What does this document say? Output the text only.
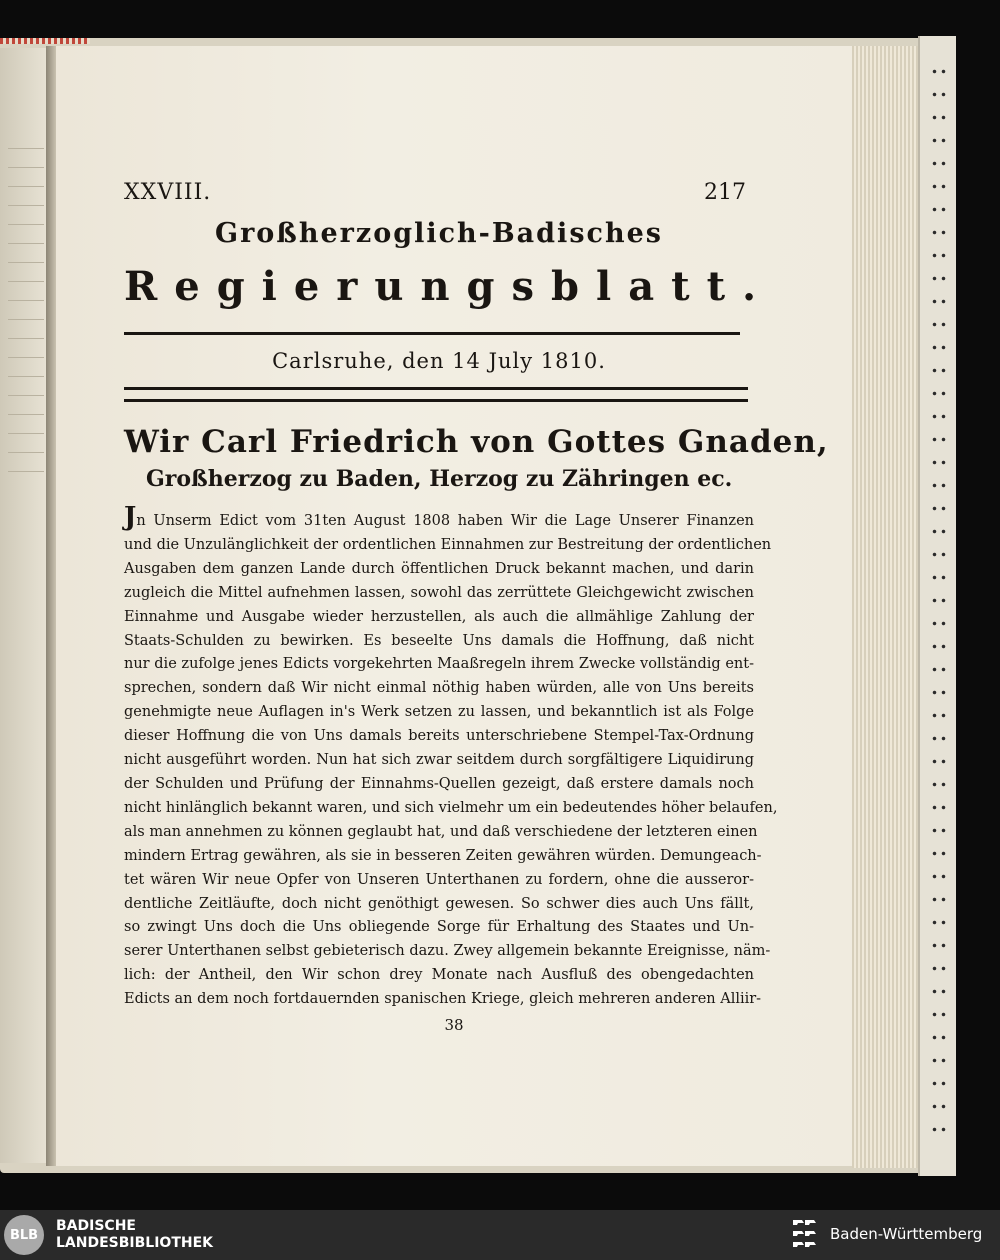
XXVIII.	217
Großherzoglich-Badisches
Regierungsblatt.
Carlsruhe, den 14 July 1810.
Wir Carl Friedrich von Gottes Gnaden,
Großherzog zu Baden, Herzog zu Zähringen ec.
Jn Unserm Edict vom 31ten August 1808 haben Wir die Lage Unserer Finanzen
und die Unzulänglichkeit der ordentlichen Einnahmen zur Bestreitung der ordentlichen
Ausgaben dem ganzen Lande durch öffentlichen Druck bekannt machen, und darin
zugleich die Mittel aufnehmen lassen, sowohl das zerrüttete Gleichgewicht zwischen
Einnahme und Ausgabe wieder herzustellen, als auch die allmählige Zahlung der
Staats-Schulden zu bewirken. Es beseelte Uns damals die Hoffnung, daß nicht
nur die zufolge jenes Edicts vorgekehrten Maaßregeln ihrem Zwecke vollständig ent-
sprechen, sondern daß Wir nicht einmal nöthig haben würden, alle von Uns bereits
genehmigte neue Auflagen in's Werk setzen zu lassen, und bekanntlich ist als Folge
dieser Hoffnung die von Uns damals bereits unterschriebene Stempel-Tax-Ordnung
nicht ausgeführt worden. Nun hat sich zwar seitdem durch sorgfältigere Liquidirung
der Schulden und Prüfung der Einnahms-Quellen gezeigt, daß erstere damals noch
nicht hinlänglich bekannt waren, und sich vielmehr um ein bedeutendes höher belaufen,
als man annehmen zu können geglaubt hat, und daß verschiedene der letzteren einen
mindern Ertrag gewähren, als sie in besseren Zeiten gewähren würden. Demungeach-
tet wären Wir neue Opfer von Unseren Unterthanen zu fordern, ohne die ausseror-
dentliche Zeitläufte, doch nicht genöthigt gewesen. So schwer dies auch Uns fällt,
so zwingt Uns doch die Uns obliegende Sorge für Erhaltung des Staates und Un-
serer Unterthanen selbst gebieterisch dazu. Zwey allgemein bekannte Ereignisse, näm-
lich: der Antheil, den Wir schon drey Monate nach Ausfluß des obengedachten
Edicts an dem noch fortdauernden spanischen Kriege, gleich mehreren anderen Alliir-
38
BLB
BADISCHE
LANDESBIBLIOTHEK	Baden-Württemberg
